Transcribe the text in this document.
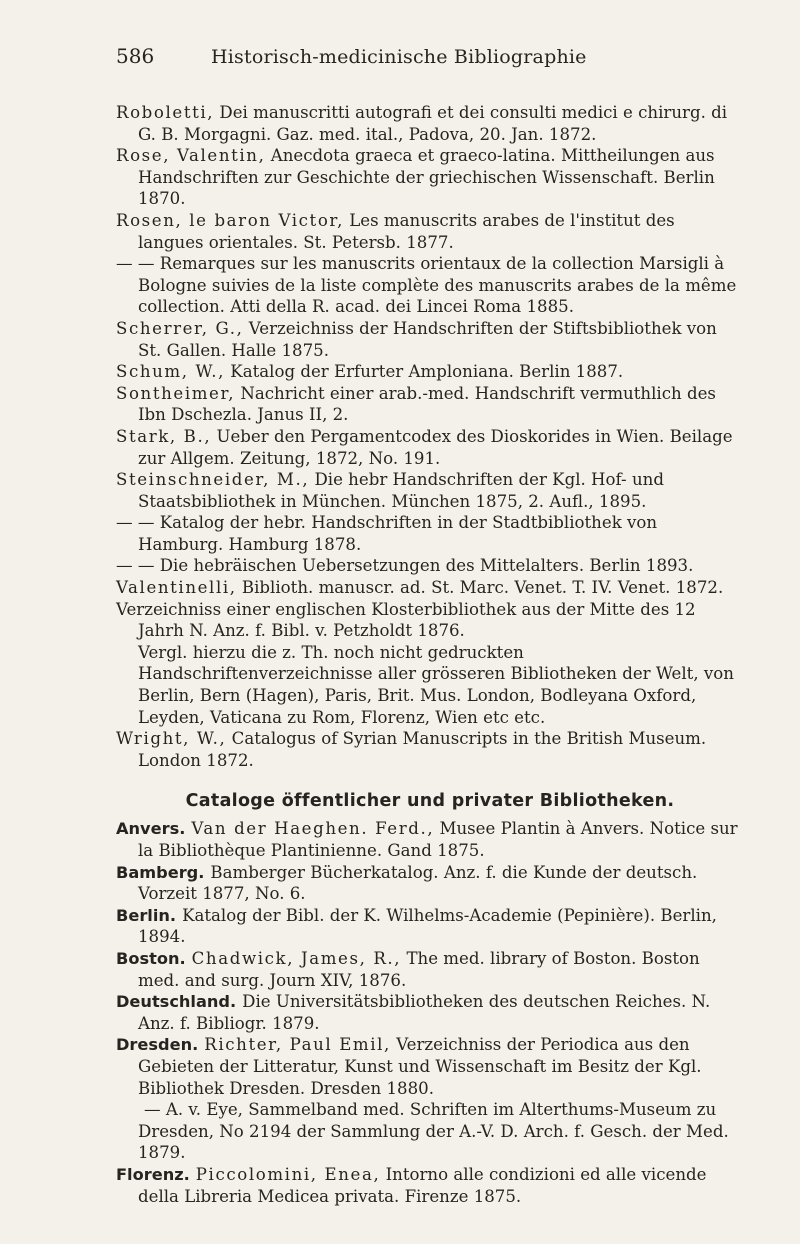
586	Historisch-medicinische Bibliographie
Roboletti, Dei manuscritti autografi et dei consulti medici e chirurg. di G. B. Morgagni. Gaz. med. ital., Padova, 20. Jan. 1872.
Rose, Valentin, Anecdota graeca et graeco-latina. Mittheilungen aus Handschriften zur Geschichte der griechischen Wissenschaft. Berlin 1870.
Rosen, le baron Victor, Les manuscrits arabes de l'institut des langues orientales. St. Petersb. 1877.
— — Remarques sur les manuscrits orientaux de la collection Marsigli à Bologne suivies de la liste complète des manuscrits arabes de la même collection. Atti della R. acad. dei Lincei Roma 1885.
Scherrer, G., Verzeichniss der Handschriften der Stiftsbibliothek von St. Gallen. Halle 1875.
Schum, W., Katalog der Erfurter Amploniana. Berlin 1887.
Sontheimer, Nachricht einer arab.-med. Handschrift vermuthlich des Ibn Dschezla. Janus II, 2.
Stark, B., Ueber den Pergamentcodex des Dioskorides in Wien. Beilage zur Allgem. Zeitung, 1872, No. 191.
Steinschneider, M., Die hebr Handschriften der Kgl. Hof- und Staatsbibliothek in München. München 1875, 2. Aufl., 1895.
— — Katalog der hebr. Handschriften in der Stadtbibliothek von Hamburg. Hamburg 1878.
— — Die hebräischen Uebersetzungen des Mittelalters. Berlin 1893.
Valentinelli, Biblioth. manuscr. ad. St. Marc. Venet. T. IV. Venet. 1872.
Verzeichniss einer englischen Klosterbibliothek aus der Mitte des 12 Jahrh N. Anz. f. Bibl. v. Petzholdt 1876.
Vergl. hierzu die z. Th. noch nicht gedruckten Handschriftenverzeichnisse aller grösseren Bibliotheken der Welt, von Berlin, Bern (Hagen), Paris, Brit. Mus. London, Bodleyana Oxford, Leyden, Vaticana zu Rom, Florenz, Wien etc etc.
Wright, W., Catalogus of Syrian Manuscripts in the British Museum. London 1872.
Cataloge öffentlicher und privater Bibliotheken.
Anvers. Van der Haeghen. Ferd., Musee Plantin à Anvers. Notice sur la Bibliothèque Plantinienne. Gand 1875.
Bamberg. Bamberger Bücherkatalog. Anz. f. die Kunde der deutsch. Vorzeit 1877, No. 6.
Berlin. Katalog der Bibl. der K. Wilhelms-Academie (Pepinière). Berlin, 1894.
Boston. Chadwick, James, R., The med. library of Boston. Boston med. and surg. Journ XIV, 1876.
Deutschland. Die Universitätsbibliotheken des deutschen Reiches. N. Anz. f. Bibliogr. 1879.
Dresden. Richter, Paul Emil, Verzeichniss der Periodica aus den Gebieten der Litteratur, Kunst und Wissenschaft im Besitz der Kgl. Bibliothek Dresden. Dresden 1880.
— A. v. Eye, Sammelband med. Schriften im Alterthums-Museum zu Dresden, No 2194 der Sammlung der A.-V. D. Arch. f. Gesch. der Med. 1879.
Florenz. Piccolomini, Enea, Intorno alle condizioni ed alle vicende della Libreria Medicea privata. Firenze 1875.
